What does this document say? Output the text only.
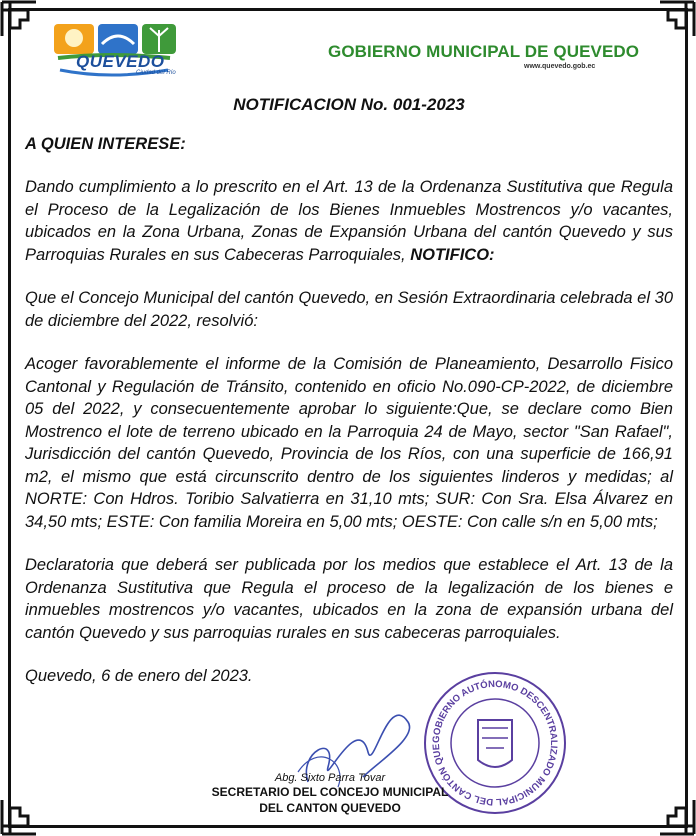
QUEVEDO
Ciudad del Río
GOBIERNO MUNICIPAL DE QUEVEDO
www.quevedo.gob.ec
NOTIFICACION No. 001-2023
A QUIEN INTERESE:

Dando cumplimiento a lo prescrito en el Art. 13 de la Ordenanza Sustitutiva que Regula el Proceso de la Legalización de los Bienes Inmuebles Mostrencos y/o vacantes, ubicados en la Zona Urbana, Zonas de Expansión Urbana del cantón Quevedo y sus Parroquias Rurales en sus Cabeceras Parroquiales, NOTIFICO:

Que el Concejo Municipal del cantón Quevedo, en Sesión Extraordinaria celebrada el 30 de diciembre del 2022, resolvió:

Acoger favorablemente el informe de la Comisión de Planeamiento, Desarrollo Fisico Cantonal y Regulación de Tránsito, contenido en oficio No.090-CP-2022, de diciembre 05 del 2022, y consecuentemente aprobar lo siguiente:Que, se declare como Bien Mostrenco el lote de terreno ubicado en la Parroquia 24 de Mayo, sector "San Rafael", Jurisdicción del cantón Quevedo, Provincia de los Ríos, con una superficie de 166,91 m2, el mismo que está circunscrito dentro de los siguientes linderos y medidas; al NORTE: Con Hdros. Toribio Salvatierra en 31,10 mts; SUR: Con Sra. Elsa Álvarez en 34,50 mts; ESTE: Con familia Moreira en 5,00 mts; OESTE: Con calle s/n en 5,00 mts;

Declaratoria que deberá ser publicada por los medios que establece el Art. 13 de la Ordenanza Sustitutiva que Regula el proceso de la legalización de los bienes e inmuebles mostrencos y/o vacantes, ubicados en la zona de expansión urbana del cantón Quevedo y sus parroquias rurales en sus cabeceras parroquiales.

Quevedo, 6 de enero del 2023.

GOBIERNO AUTÓNOMO DESCENTRALIZADO MUNICIPAL DEL CANTÓN QUE
Abg. Sixto Parra Tovar
SECRETARIO DEL CONCEJO MUNICIPAL
DEL CANTON QUEVEDO
